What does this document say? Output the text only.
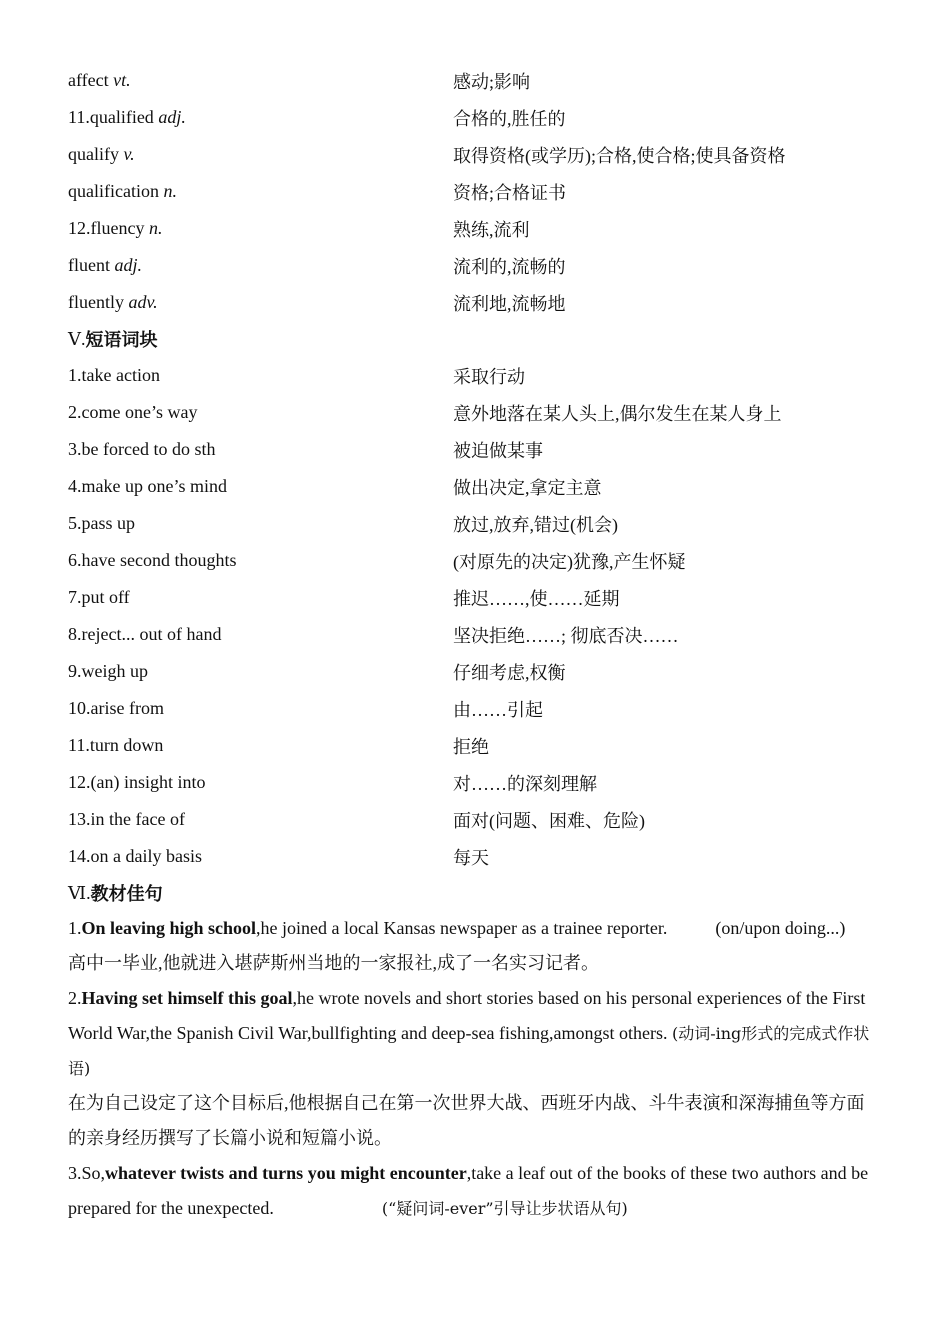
affect vt.	感动;影响
11.qualified adj.	合格的,胜任的
qualify v.	取得资格(或学历);合格,使合格;使具备资格
qualification n.	资格;合格证书
12.fluency n.	熟练,流利
fluent adj.	流利的,流畅的
fluently adv.	流利地,流畅地
Ⅴ. 短语词块
1.take action	采取行动
2.come one’s way	意外地落在某人头上,偶尔发生在某人身上
3.be forced to do sth	被迫做某事
4.make up one’s mind	做出决定,拿定主意
5.pass up	放过,放弃,错过(机会)
6.have second thoughts	(对原先的决定)犹豫,产生怀疑
7.put off	推迟……,使……延期
8.reject... out of hand	坚决拒绝……; 彻底否决……
9.weigh up	仔细考虑,权衡
10.arise from	由……引起
11.turn down	拒绝
12.(an) insight into	对……的深刻理解
13.in the face of	面对(问题、困难、危险)
14.on a daily basis	每天
Ⅵ. 教材佳句
1.On leaving high school,he joined a local Kansas newspaper as a trainee reporter.	(on/upon doing...)
高中一毕业,他就进入堪萨斯州当地的一家报社,成了一名实习记者。
2.Having set himself this goal,he wrote novels and short stories based on his personal experiences of the First World War,the Spanish Civil War,bullfighting and deep-sea fishing,amongst others. (动词-ing形式的完成式作状语)
在为自己设定了这个目标后,他根据自己在第一次世界大战、西班牙内战、斗牛表演和深海捕鱼等方面的亲身经历撰写了长篇小说和短篇小说。
3.So,whatever twists and turns you might encounter,take a leaf out of the books of these two authors and be prepared for the unexpected.	(“疑问词-ever”引导让步状语从句)
